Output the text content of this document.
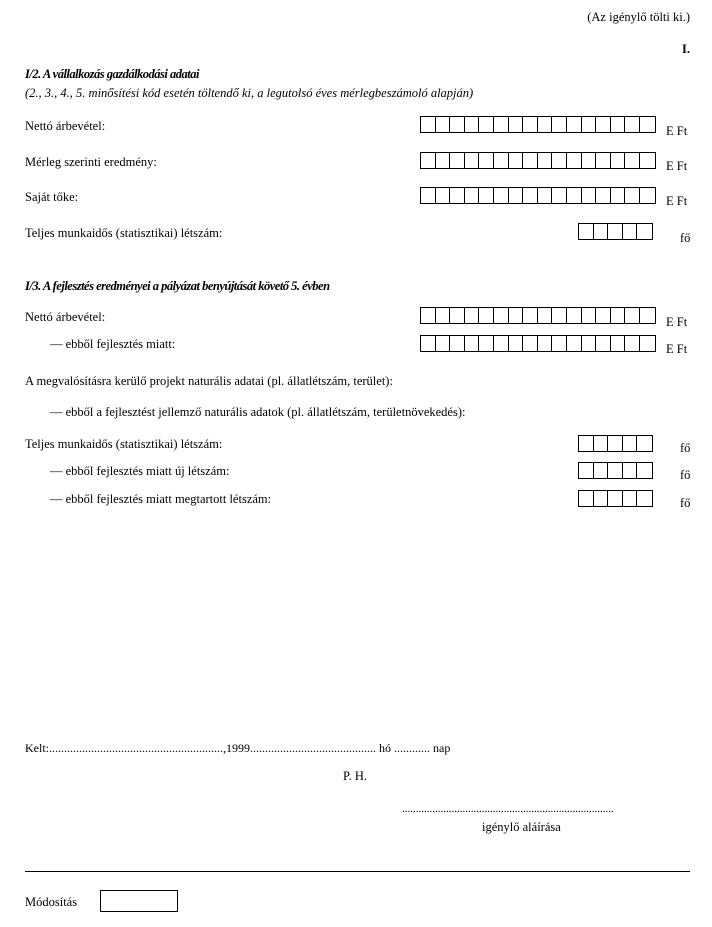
(Az igénylő tölti ki.)
I.
I/2. A vállalkozás gazdálkodási adatai
(2., 3., 4., 5. minősítési kód esetén töltendő ki, a legutolsó éves mérlegbeszámoló alapján)
Nettó árbevétel:	E Ft
Mérleg szerinti eredmény:	E Ft
Saját tőke:	E Ft
Teljes munkaidős (statisztikai) létszám:	fő
I/3. A fejlesztés eredményei a pályázat benyújtását követő 5. évben
Nettó árbevétel:	E Ft
— ebből fejlesztés miatt:	E Ft
A megvalósításra kerülő projekt naturális adatai (pl. állatlétszám, terület):
— ebből a fejlesztést jellemző naturális adatok (pl. állatlétszám, területnövekedés):
Teljes munkaidős (statisztikai) létszám:	fő
— ebből fejlesztés miatt új létszám:	fő
— ebből fejlesztés miatt megtartott létszám:	fő
Kelt:..........................................................,1999.......................................... hó ............ nap
P. H.
.............................................................................
igénylő aláírása
Módosítás
